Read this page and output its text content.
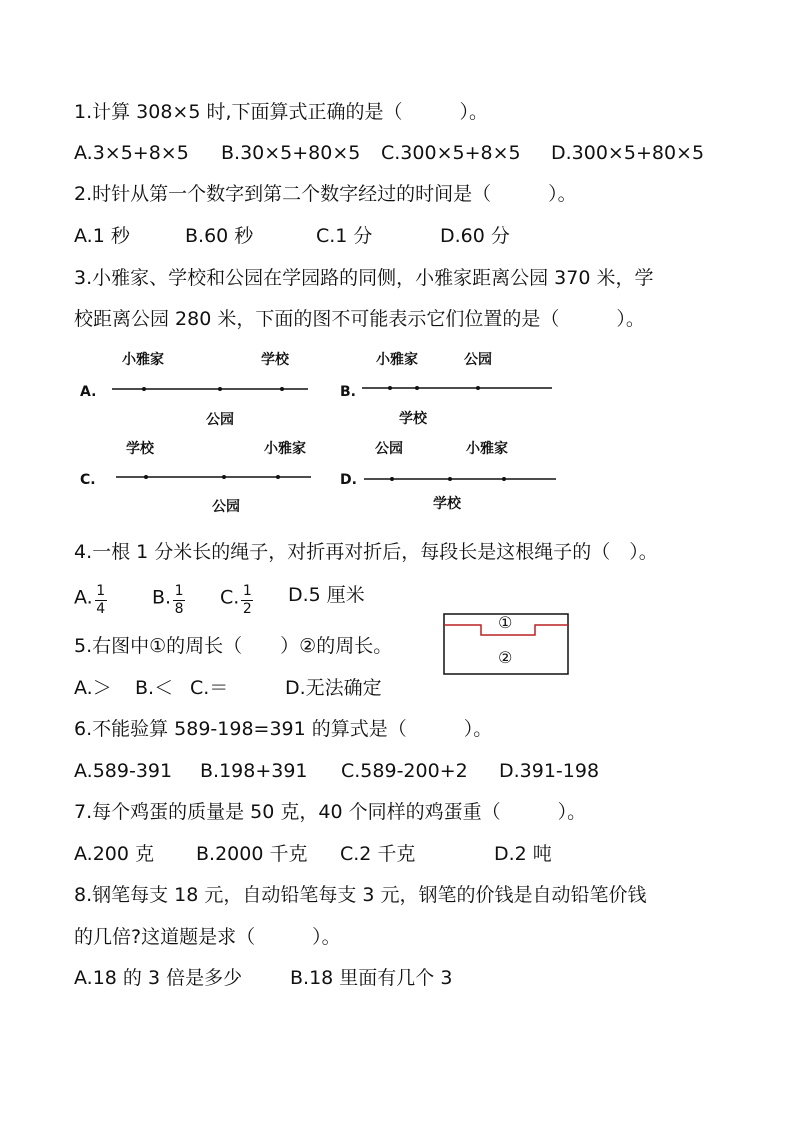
1.计算 308×5 时,下面算式正确的是（　　　）。
A.3×5+8×5 B.30×5+80×5 C.300×5+8×5 D.300×5+80×5
2.时针从第一个数字到第二个数字经过的时间是（　　　）。
A.1 秒	B.60 秒	C.1 分	D.60 分
3.小雅家、学校和公园在学园路的同侧，小雅家距离公园 370 米，学
校距离公园 280 米，下面的图不可能表示它们位置的是（　　　）。
A.
小雅家	学校
公园
B.
小雅家	公园
学校
C.
学校	小雅家
公园
D.
公园	小雅家
学校
4.一根 1 分米长的绳子，对折再对折后，每段长是这根绳子的（　）。
A. $\frac{1}{4} B$. $\frac{1}{8} C$. $\frac{1}{2} D.5$ 厘米
5.右图中①的周长（　　）②的周长。
①
②
A.＞ B.＜ C.＝	D.无法确定
6.不能验算 589-198=391 的算式是（　　　）。
A.589-391 B.198+391 C.589-200+2 D.391-198
7.每个鸡蛋的质量是 50 克，40 个同样的鸡蛋重（　　　）。
A.200 克 B.2000 千克 C.2 千克	D.2 吨
8.钢笔每支 18 元，自动铅笔每支 3 元，钢笔的价钱是自动铅笔价钱
的几倍?这道题是求（　　　）。
A.18 的 3 倍是多少	B.18 里面有几个 3
